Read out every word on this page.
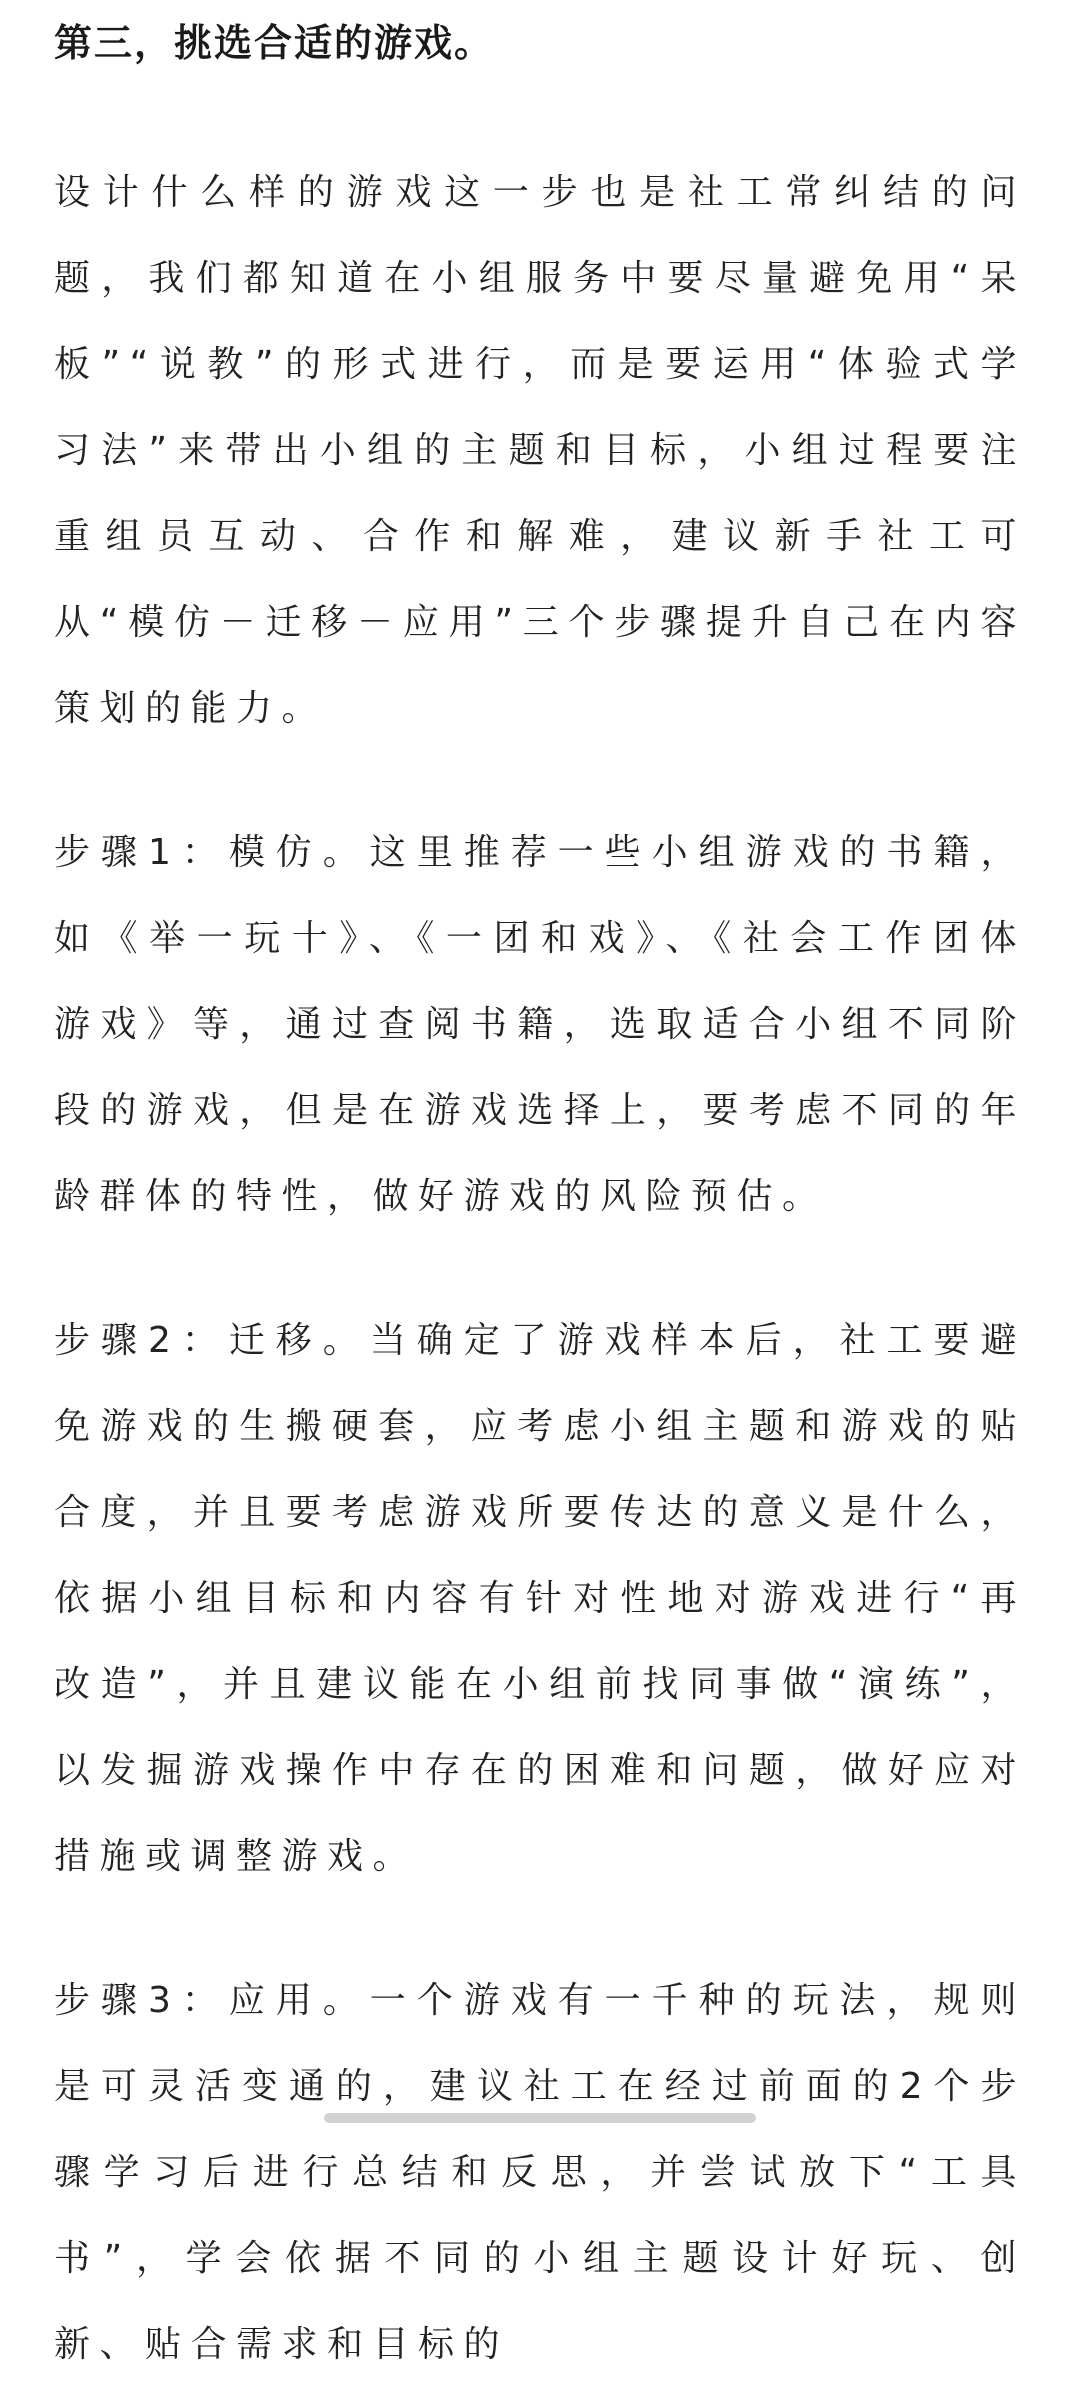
第三，挑选合适的游戏。

设计什么样的游戏这一步也是社工常纠结的问题，我们都知道在小组服务中要尽量避免用“呆板”“说教”的形式进行，而是要运用“体验式学习法”来带出小组的主题和目标，小组过程要注重组员互动、合作和解难，建议新手社工可从“模仿－迁移－应用”三个步骤提升自己在内容策划的能力。

步骤1：模仿。这里推荐一些小组游戏的书籍，如《举一玩十》、《一团和戏》、《社会工作团体游戏》等，通过查阅书籍，选取适合小组不同阶段的游戏，但是在游戏选择上，要考虑不同的年龄群体的特性，做好游戏的风险预估。

步骤2：迁移。当确定了游戏样本后，社工要避免游戏的生搬硬套，应考虑小组主题和游戏的贴合度，并且要考虑游戏所要传达的意义是什么，依据小组目标和内容有针对性地对游戏进行“再改造”，并且建议能在小组前找同事做“演练”，以发掘游戏操作中存在的困难和问题，做好应对措施或调整游戏。

步骤3：应用。一个游戏有一千种的玩法，规则是可灵活变通的，建议社工在经过前面的2个步骤学习后进行总结和反思，并尝试放下“工具书”，学会依据不同的小组主题设计好玩、创新、贴合需求和目标的
